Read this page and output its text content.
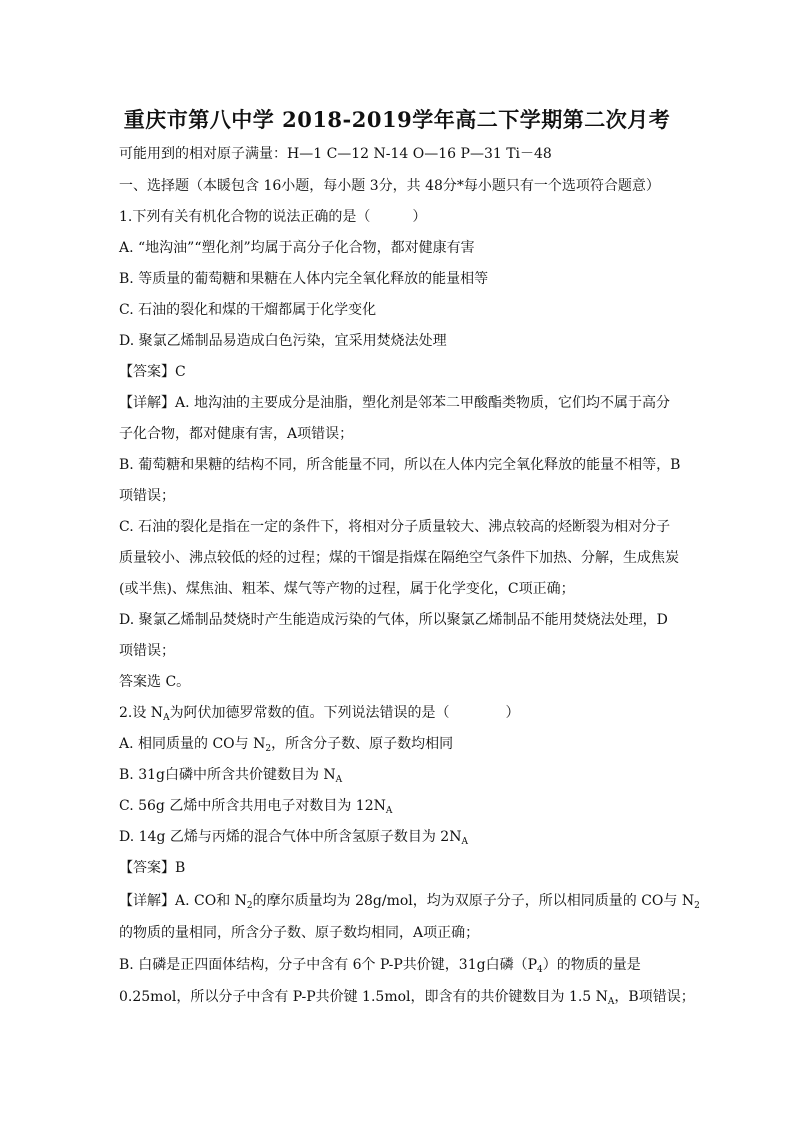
重庆市第八中学 2018-2019学年高二下学期第二次月考
可能用到的相对原子满量：H—1 C—12 N-14 O—16 P—31 Ti－48
一、选择题（本䁔包含 16小题，每小题 3分，共 48分*每小题只有一个选项符合题意）
1.下列有关有机化合物的说法正确的是（　　　）
A. “地沟油”“塑化剂”均属于高分子化合物，都对健康有害
B. 等质量的葡萄糖和果糖在人体内完全氧化释放的能量相等
C. 石油的裂化和煤的干熘都属于化学变化
D. 聚氯乙烯制品易造成白色污染，宜采用焚烧法处理
【答案】C
【详解】A. 地沟油的主要成分是油脂，塑化剂是邻苯二甲酸酯类物质，它们均不属于高分
子化合物，都对健康有害，A项错误；
B. 葡萄糖和果糖的结构不同，所含能量不同，所以在人体内完全氧化释放的能量不相等，B
项错误；
C. 石油的裂化是指在一定的条件下，将相对分子质量较大、沸点较高的烃断裂为相对分子
质量较小、沸点较低的烃的过程；煤的干馏是指煤在隔绝空气条件下加热、分解，生成焦炭
(或半焦)、煤焦油、粗苯、煤气等产物的过程，属于化学变化，C项正确；
D. 聚氯乙烯制品焚烧时产生能造成污染的气体，所以聚氯乙烯制品不能用焚烧法处理，D
项错误；
答案选 C。
2.设 $N_A$为阿伏加德罗常数的值。下列说法错误的是（　　　　）
A. 相同质量的 CO与 $N_2$，所含分子数、原子数均相同
B. 31g白磷中所含共价键数目为 $N_A$
C. 56g 乙烯中所含共用电子对数目为 $12N_A$
D. 14g 乙烯与丙烯的混合气体中所含氢原子数目为 $2N_A$
【答案】B
【详解】A. CO和 $N_2$的摩尔质量均为 28g/mol，均为双原子分子，所以相同质量的 CO与 $N_2$
的物质的量相同，所含分子数、原子数均相同，A项正确；
B. 白磷是正四面体结构，分子中含有 6个 P-P共价键，31g白磷$(P_4)$的物质的量是
0.25mol，所以分子中含有 P-P共价键 1.5mol，即含有的共价键数目为 1.5 $N_A$，B项错误；
